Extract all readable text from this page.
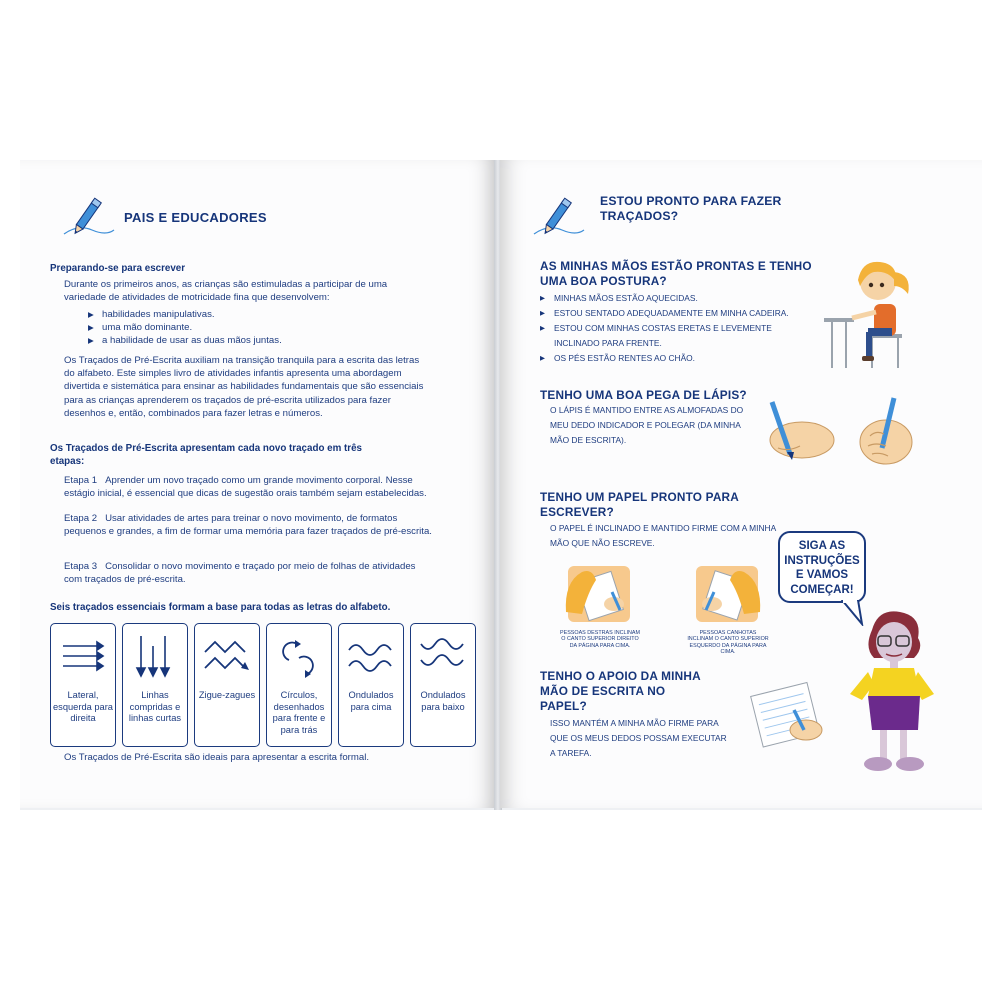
PAIS E EDUCADORES
Preparando-se para escrever
Durante os primeiros anos, as crianças são estimuladas a participar de uma variedade de atividades de motricidade fina que desenvolvem:
▶ habilidades manipulativas.
▶ uma mão dominante.
▶ a habilidade de usar as duas mãos juntas.
Os Traçados de Pré-Escrita auxiliam na transição tranquila para a escrita das letras do alfabeto. Este simples livro de atividades infantis apresenta uma abordagem divertida e sistemática para ensinar as habilidades fundamentais que são essenciais para as crianças aprenderem os traçados de pré-escrita utilizados para fazer desenhos e, então, combinados para fazer letras e números.
Os Traçados de Pré-Escrita apresentam cada novo traçado em três etapas:
Etapa 1 Aprender um novo traçado como um grande movimento corporal. Nesse estágio inicial, é essencial que dicas de sugestão orais também sejam estabelecidas.
Etapa 2 Usar atividades de artes para treinar o novo movimento, de formatos pequenos e grandes, a fim de formar uma memória para fazer traçados de pré-escrita.
Etapa 3 Consolidar o novo movimento e traçado por meio de folhas de atividades com traçados de pré-escrita.
Seis traçados essenciais formam a base para todas as letras do alfabeto.
Lateral, esquerda para direita
Linhas compridas e linhas curtas
Zigue-zagues	Círculos, desenhados para frente e para trás
Ondulados para cima
Ondulados para baixo
Os Traçados de Pré-Escrita são ideais para apresentar a escrita formal.
ESTOU PRONTO PARA FAZER TRAÇADOS?
AS MINHAS MÃOS ESTÃO PRONTAS E TENHO UMA BOA POSTURA?
▶ MINHAS MÃOS ESTÃO AQUECIDAS.
▶ ESTOU SENTADO ADEQUADAMENTE EM MINHA CADEIRA.
▶ ESTOU COM MINHAS COSTAS ERETAS E LEVEMENTE INCLINADO PARA FRENTE.
▶ OS PÉS ESTÃO RENTES AO CHÃO.
TENHO UMA BOA PEGA DE LÁPIS?
O LÁPIS É MANTIDO ENTRE AS ALMOFADAS DO MEU DEDO INDICADOR E POLEGAR (DA MINHA MÃO DE ESCRITA).
TENHO UM PAPEL PRONTO PARA ESCREVER?
O PAPEL É INCLINADO E MANTIDO FIRME COM A MINHA MÃO QUE NÃO ESCREVE.
PESSOAS DESTRAS INCLINAM O CANTO SUPERIOR DIREITO DA PÁGINA PARA CIMA.
PESSOAS CANHOTAS INCLINAM O CANTO SUPERIOR ESQUERDO DA PÁGINA PARA CIMA.
TENHO O APOIO DA MINHA MÃO DE ESCRITA NO PAPEL?
ISSO MANTÉM A MINHA MÃO FIRME PARA QUE OS MEUS DEDOS POSSAM EXECUTAR A TAREFA.
SIGA AS INSTRUÇÕES E VAMOS COMEÇAR!
